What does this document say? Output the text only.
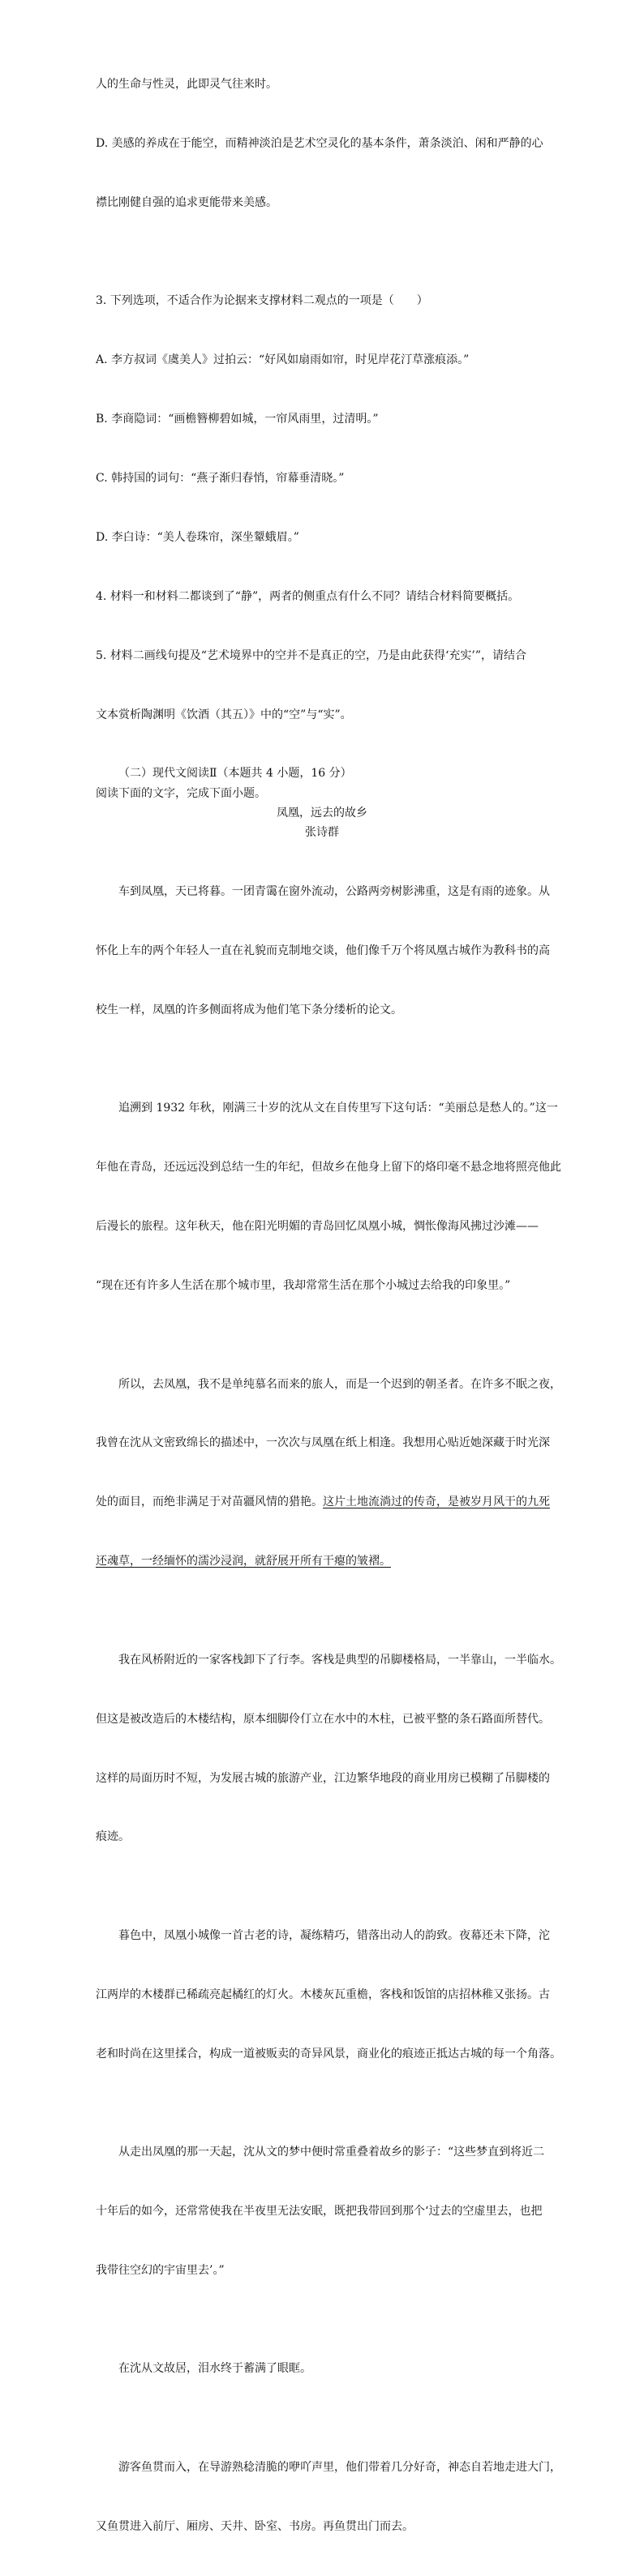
人的生命与性灵，此即灵气往来时。

D. 美感的养成在于能空，而精神淡泊是艺术空灵化的基本条件，萧条淡泊、闲和严静的心

襟比刚健自强的追求更能带来美感。

3. 下列选项，不适合作为论据来支撑材料二观点的一项是（　　）

A. 李方叔词《虞美人》过拍云：“好风如扇雨如帘，时见岸花汀草涨痕添。”

B. 李商隐词：“画檐簪柳碧如城，一帘风雨里，过清明。”

C. 韩持国的词句：“燕子渐归春悄，帘幕垂清晓。”

D. 李白诗：“美人卷珠帘，深坐颦蛾眉。”

4. 材料一和材料二都谈到了“静”，两者的侧重点有什么不同？请结合材料简要概括。

5. 材料二画线句提及“艺术境界中的空并不是真正的空，乃是由此获得‘充实’”，请结合

文本赏析陶渊明《饮酒（其五）》中的“空”与“实”。

（二）现代文阅读Ⅱ（本题共 4 小题，16 分）
阅读下面的文字，完成下面小题。
凤凰，远去的故乡
张诗群

车到凤凰，天已将暮。一团青霭在窗外流动，公路两旁树影沸重，这是有雨的迹象。从

怀化上车的两个年轻人一直在礼貌而克制地交谈，他们像千万个将凤凰古城作为教科书的高

校生一样，凤凰的许多侧面将成为他们笔下条分缕析的论文。

追溯到 1932 年秋，刚满三十岁的沈从文在自传里写下这句话：“美丽总是愁人的。”这一

年他在青岛，还远远没到总结一生的年纪，但故乡在他身上留下的烙印毫不悬念地将照亮他此

后漫长的旅程。这年秋天，他在阳光明媚的青岛回忆凤凰小城，惆怅像海风拂过沙滩——

“现在还有许多人生活在那个城市里，我却常常生活在那个小城过去给我的印象里。”

所以，去凤凰，我不是单纯慕名而来的旅人，而是一个迟到的朝圣者。在许多不眠之夜，

我曾在沈从文密致绵长的描述中，一次次与凤凰在纸上相逢。我想用心贴近她深藏于时光深

处的面目，而绝非满足于对苗疆风情的猎艳。这片土地流淌过的传奇，是被岁月风干的九死

还魂草，一经缅怀的濡沙浸润，就舒展开所有干瘪的皱褶。

我在风桥附近的一家客栈卸下了行李。客栈是典型的吊脚楼格局，一半靠山，一半临水。

但这是被改造后的木楼结构，原本细脚伶仃立在水中的木柱，已被平整的条石路面所替代。

这样的局面历时不短，为发展古城的旅游产业，江边繁华地段的商业用房已模糊了吊脚楼的

痕迹。

暮色中，凤凰小城像一首古老的诗，凝练精巧，错落出动人的韵致。夜幕还未下降，沱

江两岸的木楼群已稀疏亮起橘红的灯火。木楼灰瓦重檐，客栈和饭馆的店招林稚又张扬。古

老和时尚在这里揉合，构成一道被贩卖的奇异风景，商业化的痕迹正抵达古城的每一个角落。

从走出凤凰的那一天起，沈从文的梦中便时常重叠着故乡的影子：“这些梦直到将近二

十年后的如今，还常常使我在半夜里无法安眠，既把我带回到那个‘过去的空虚里去，也把

我带往空幻的宇宙里去’。”

在沈从文故居，泪水终于蓄满了眼眶。

游客鱼贯而入，在导游熟稔清脆的咿吖声里，他们带着几分好奇，神态自若地走进大门，

又鱼贯进入前厅、厢房、天井、卧室、书房。再鱼贯出门而去。
